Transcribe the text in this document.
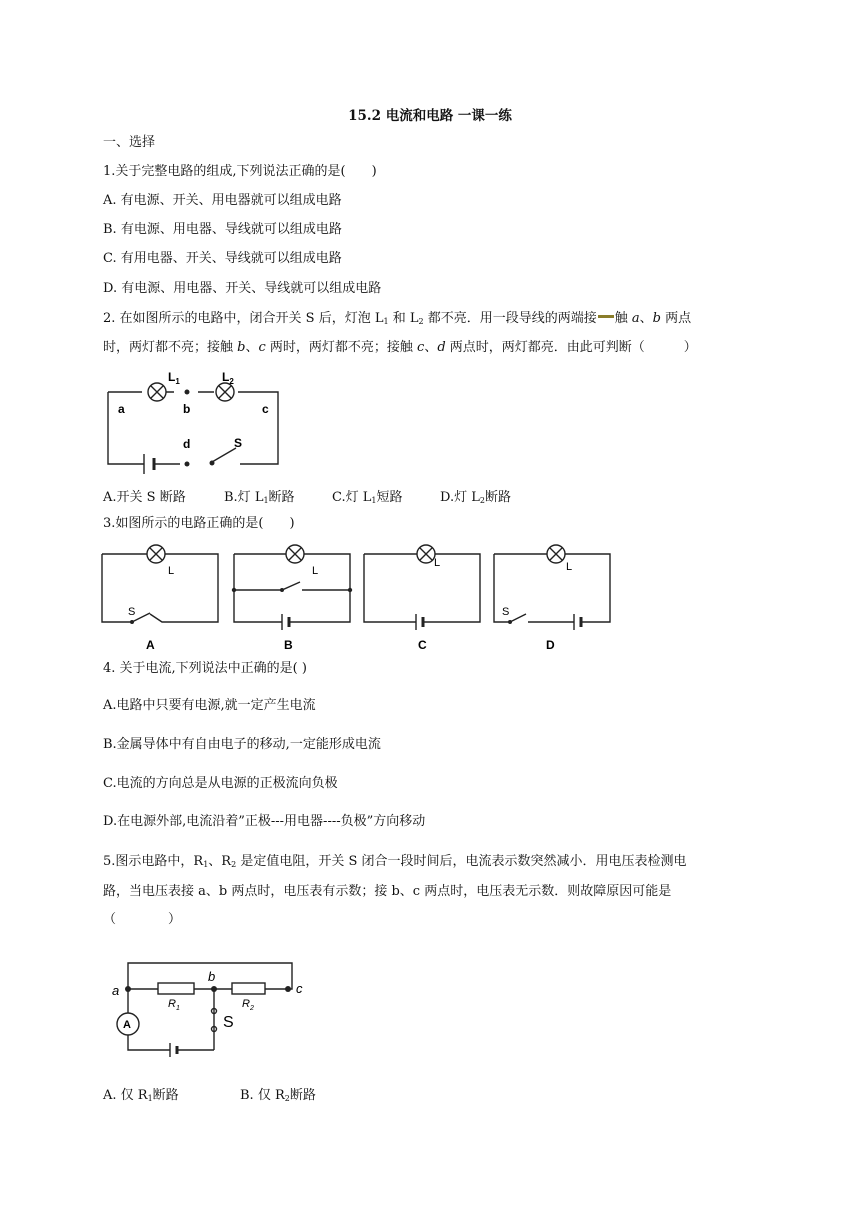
15.2 电流和电路 一课一练
一、选择
1.关于完整电路的组成,下列说法正确的是(　　)
A. 有电源、开关、用电器就可以组成电路
B. 有电源、用电器、导线就可以组成电路
C. 有用电器、开关、导线就可以组成电路
D. 有电源、用电器、开关、导线就可以组成电路
2. 在如图所示的电路中，闭合开关 S 后，灯泡 $L_1$ 和 $L_2$ 都不亮．用一段导线的两端接 触 a、b 两点
时，两灯都不亮；接触 b、c 两时，两灯都不亮；接触 c、d 两点时，两灯都亮．由此可判断（　　　）
$L_1$	$L_2$
a	b	c
d	S
A.开关 S 断路	B.灯 $L_1$断路	C.灯 $L_1$短路	D.灯 $L_2$断路
3.如图所示的电路正确的是(　　)
L
S
A
L
B
L
C
L
S
D
4. 关于电流,下列说法中正确的是( )
A.电路中只要有电源,就一定产生电流
B.金属导体中有自由电子的移动,一定能形成电流
C.电流的方向总是从电源的正极流向负极
D.在电源外部,电流沿着”正极---用电器----负极”方向移动
5.图示电路中，$R_1$、$R_2$ 是定值电阻，开关 S 闭合一段时间后，电流表示数突然减小．用电压表检测电
路，当电压表接 a、b 两点时，电压表有示数；接 b、c 两点时，电压表无示数．则故障原因可能是
（　　　　）
A
a
b
c
$R_1$	$R_2$
S
A. 仅 $R_1$断路	B. 仅 $R_2$断路
